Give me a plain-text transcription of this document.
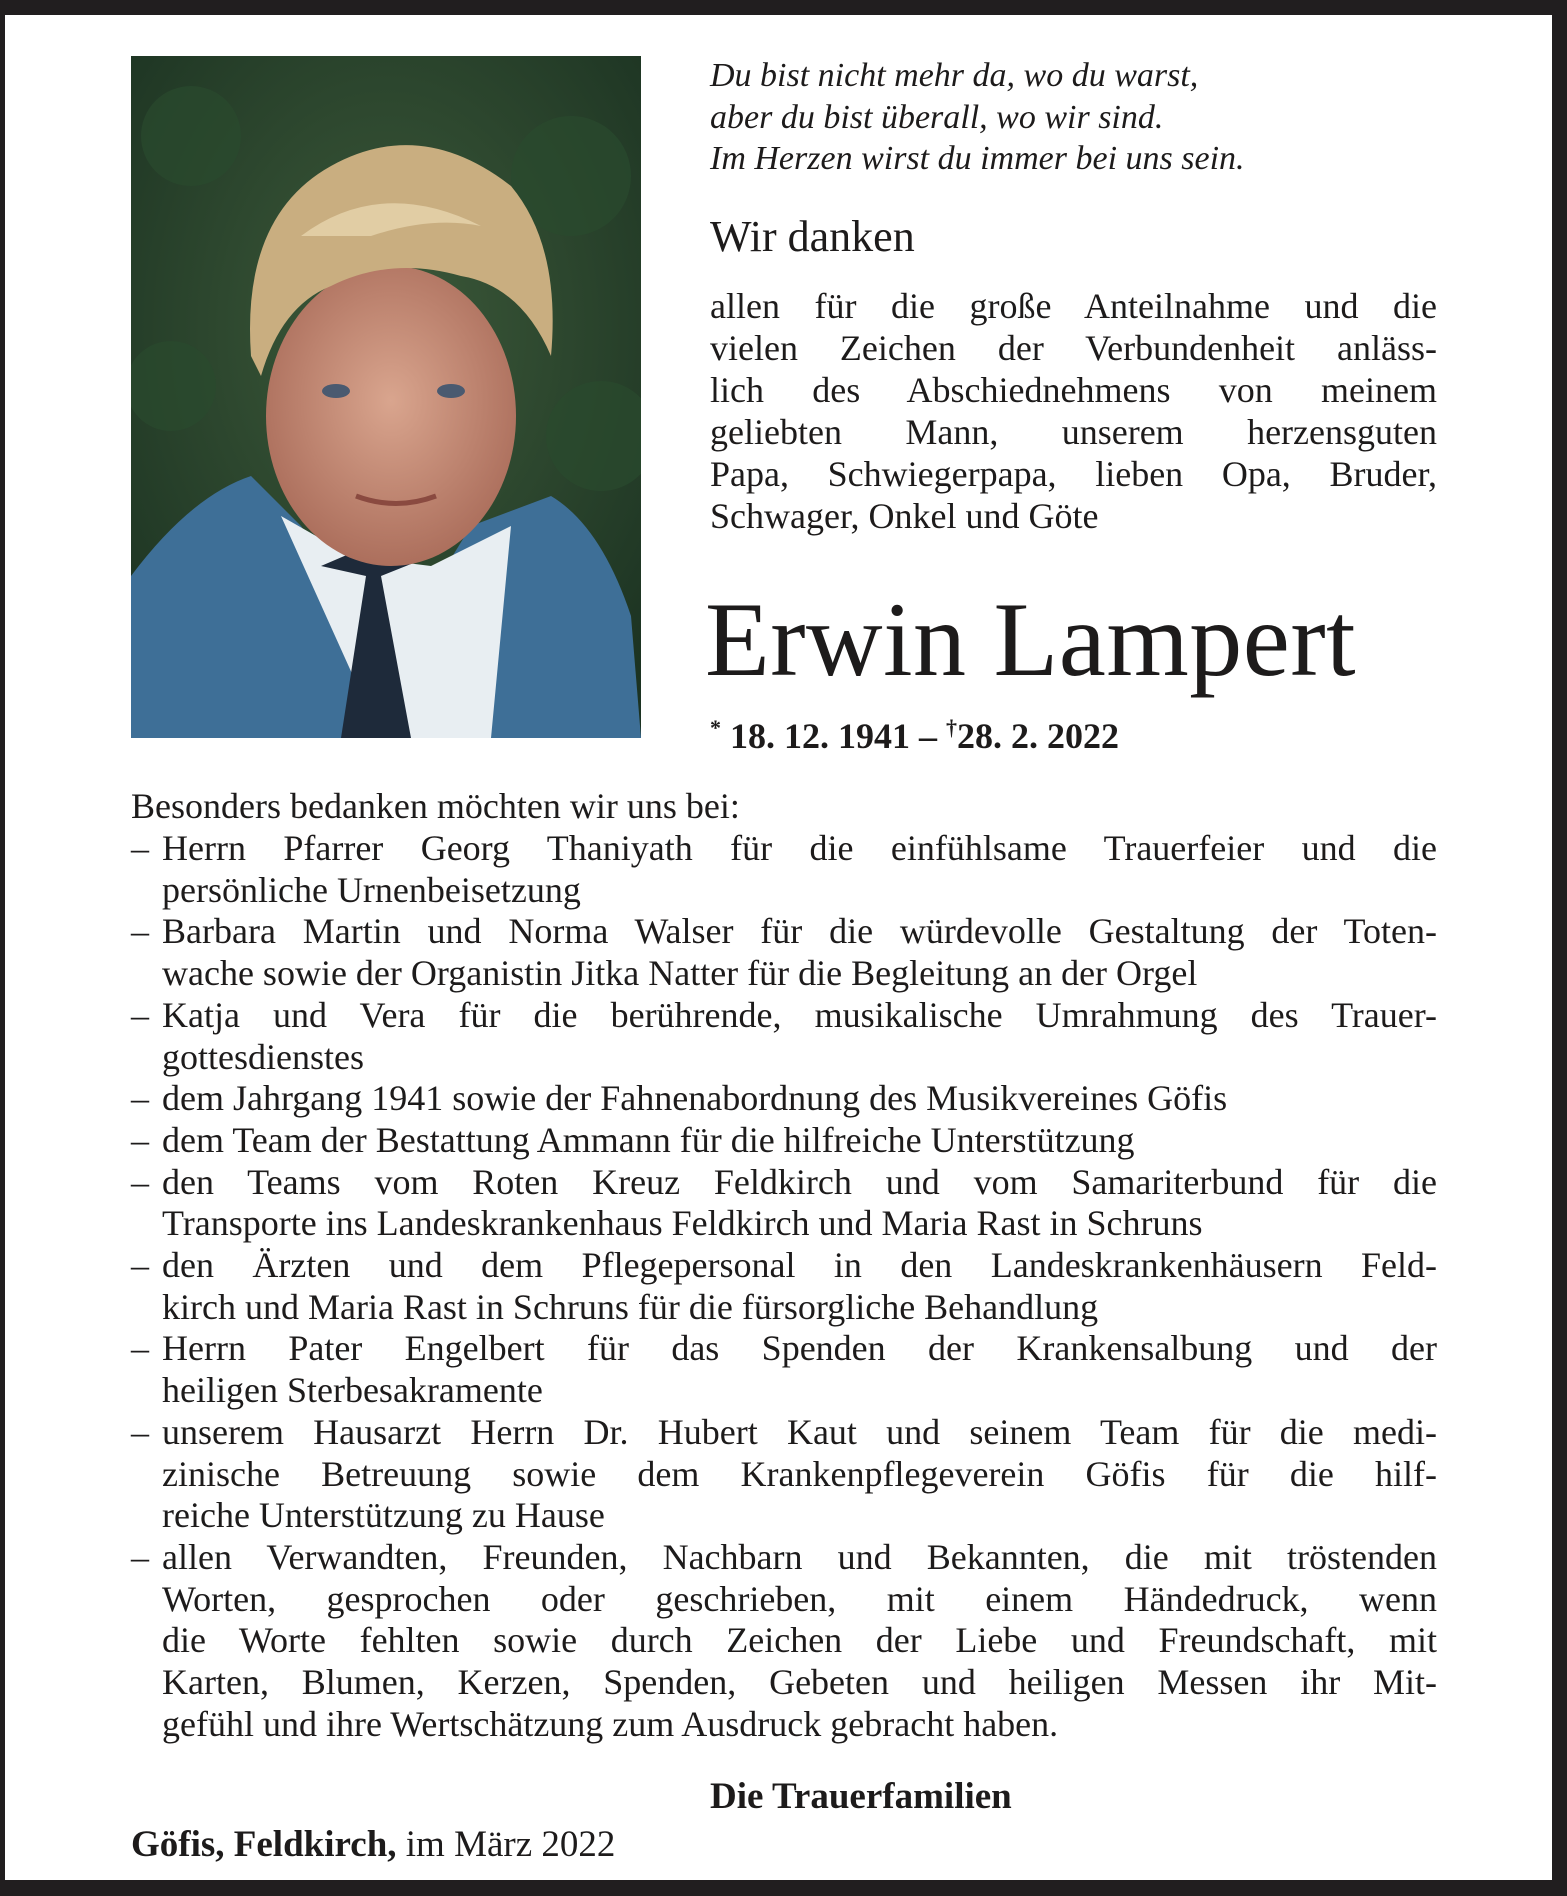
Du bist nicht mehr da, wo du warst,
aber du bist überall, wo wir sind.
Im Herzen wirst du immer bei uns sein.
Wir danken
allen für die große Anteilnahme und die
vielen Zeichen der Verbundenheit anläss-
lich des Abschiednehmens von meinem
geliebten Mann, unserem herzensguten
Papa, Schwiegerpapa, lieben Opa, Bruder,
Schwager, Onkel und Göte
Erwin Lampert
* 18. 12. 1941 – †28. 2. 2022
Besonders bedanken möchten wir uns bei:
– Herrn Pfarrer Georg Thaniyath für die einfühlsame Trauerfeier und die
persönliche Urnenbeisetzung
– Barbara Martin und Norma Walser für die würdevolle Gestaltung der Toten-
wache sowie der Organistin Jitka Natter für die Begleitung an der Orgel
– Katja und Vera für die berührende, musikalische Umrahmung des Trauer-
gottesdienstes
– dem Jahrgang 1941 sowie der Fahnenabordnung des Musikvereines Göfis
– dem Team der Bestattung Ammann für die hilfreiche Unterstützung
– den Teams vom Roten Kreuz Feldkirch und vom Samariterbund für die
Transporte ins Landeskrankenhaus Feldkirch und Maria Rast in Schruns
– den Ärzten und dem Pflegepersonal in den Landeskrankenhäusern Feld-
kirch und Maria Rast in Schruns für die fürsorgliche Behandlung
– Herrn Pater Engelbert für das Spenden der Krankensalbung und der
heiligen Sterbesakramente
– unserem Hausarzt Herrn Dr. Hubert Kaut und seinem Team für die medi-
zinische Betreuung sowie dem Krankenpflegeverein Göfis für die hilf-
reiche Unterstützung zu Hause
– allen Verwandten, Freunden, Nachbarn und Bekannten, die mit tröstenden
Worten, gesprochen oder geschrieben, mit einem Händedruck, wenn
die Worte fehlten sowie durch Zeichen der Liebe und Freundschaft, mit
Karten, Blumen, Kerzen, Spenden, Gebeten und heiligen Messen ihr Mit-
gefühl und ihre Wertschätzung zum Ausdruck gebracht haben.
Die Trauerfamilien
Göfis, Feldkirch, im März 2022
